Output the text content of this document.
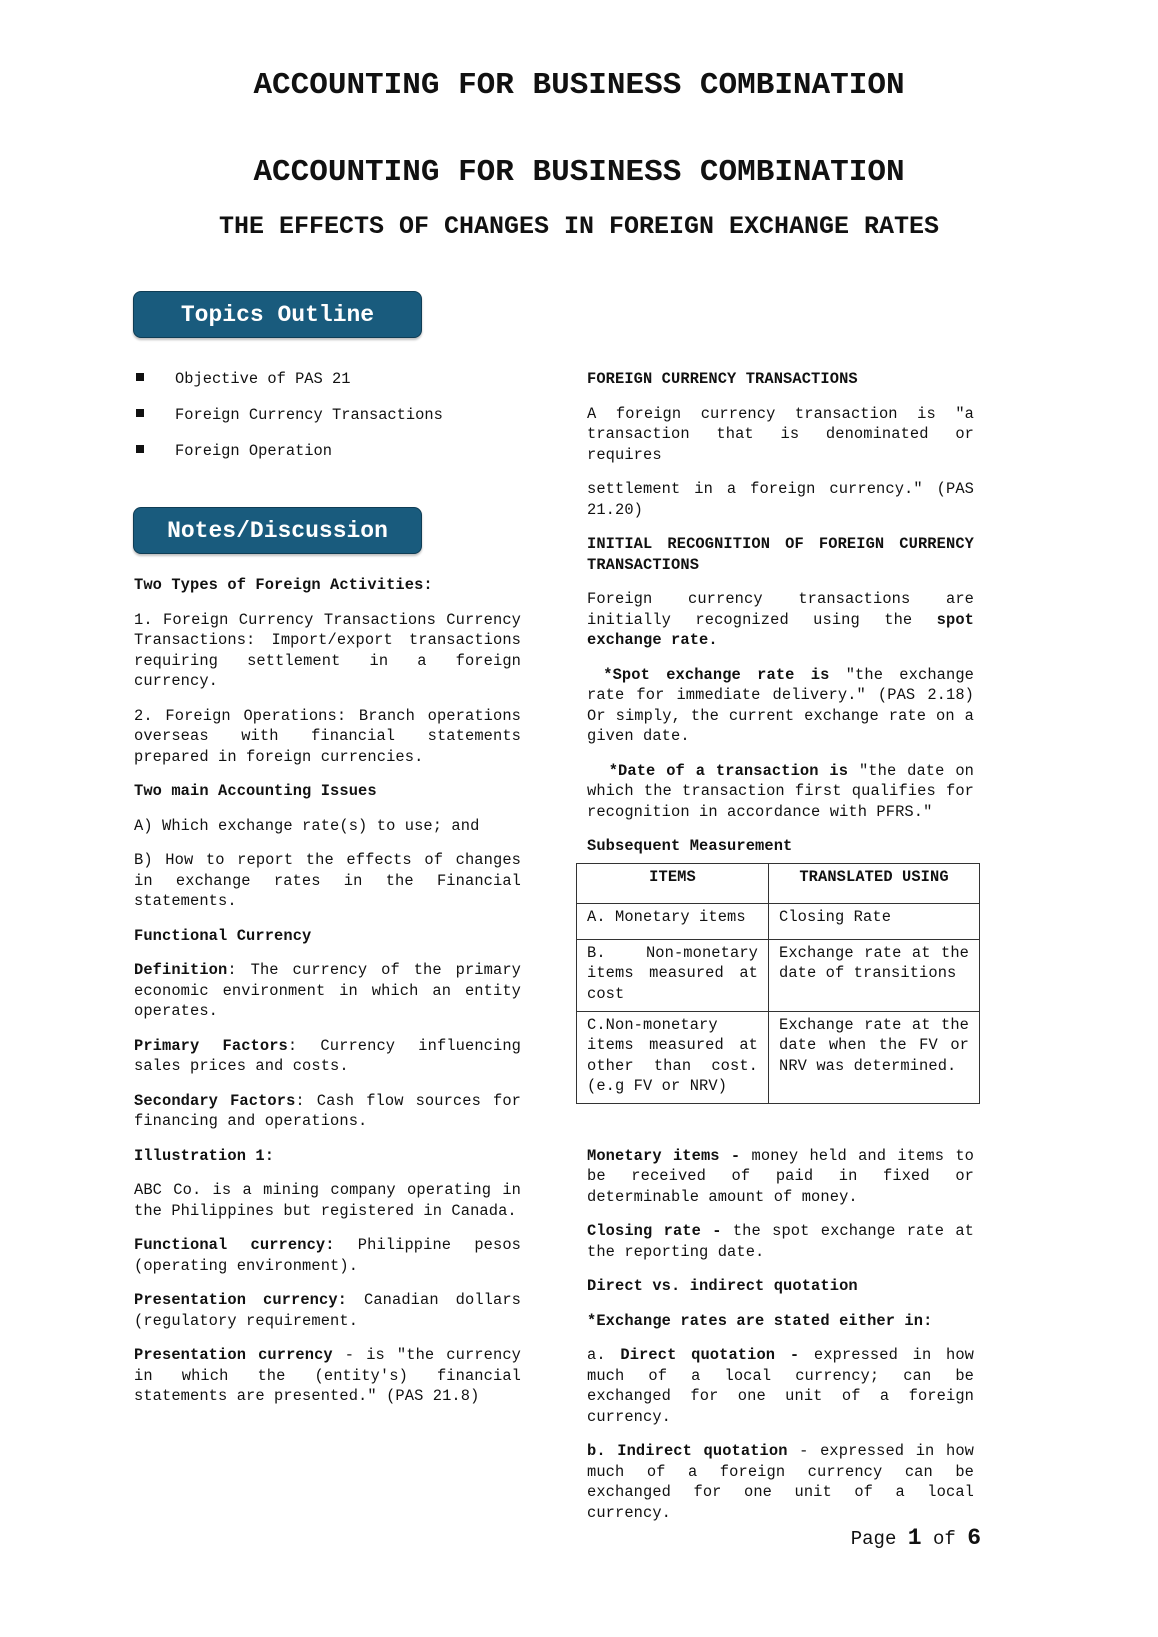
ACCOUNTING FOR BUSINESS COMBINATION
ACCOUNTING FOR BUSINESS COMBINATION
THE EFFECTS OF CHANGES IN FOREIGN EXCHANGE RATES
Topics Outline
Objective of PAS 21
Foreign Currency Transactions
Foreign Operation
Notes/Discussion

Two Types of Foreign Activities:

1. Foreign Currency Transactions Currency Transactions: Import/export transactions requiring settlement in a foreign currency.

2. Foreign Operations: Branch operations overseas with financial statements prepared in foreign currencies.

Two main Accounting Issues

A) Which exchange rate(s) to use; and

B) How to report the effects of changes in exchange rates in the Financial statements.

Functional Currency

Definition: The currency of the primary economic environment in which an entity operates.

Primary Factors: Currency influencing sales prices and costs.

Secondary Factors: Cash flow sources for financing and operations.

Illustration 1:

ABC Co. is a mining company operating in the Philippines but registered in Canada.

Functional currency: Philippine pesos (operating environment).

Presentation currency: Canadian dollars (regulatory requirement.

Presentation currency - is "the currency in which the (entity's) financial statements are presented." (PAS 21.8)

FOREIGN CURRENCY TRANSACTIONS

A foreign currency transaction is "a transaction that is denominated or requires

settlement in a foreign currency." (PAS 21.20)

INITIAL RECOGNITION OF FOREIGN CURRENCY TRANSACTIONS

Foreign currency transactions are initially recognized using the spot exchange rate.

*Spot exchange rate is "the exchange rate for immediate delivery." (PAS 2.18) Or simply, the current exchange rate on a given date.

*Date of a transaction is "the date on which the transaction first qualifies for recognition in accordance with PFRS."

Subsequent Measurement

ITEMS	TRANSLATED USING
A. Monetary items	Closing Rate
B. Non-monetary items measured at cost	Exchange rate at the date of transitions
C.Non-monetary items measured at other than cost. (e.g FV or NRV)	Exchange rate at the date when the FV or NRV was determined.

Monetary items - money held and items to be received of paid in fixed or determinable amount of money.

Closing rate - the spot exchange rate at the reporting date.

Direct vs. indirect quotation

*Exchange rates are stated either in:

a. Direct quotation - expressed in how much of a local currency; can be exchanged for one unit of a foreign currency.

b. Indirect quotation - expressed in how much of a foreign currency can be exchanged for one unit of a local currency.

Page 1 of 6
